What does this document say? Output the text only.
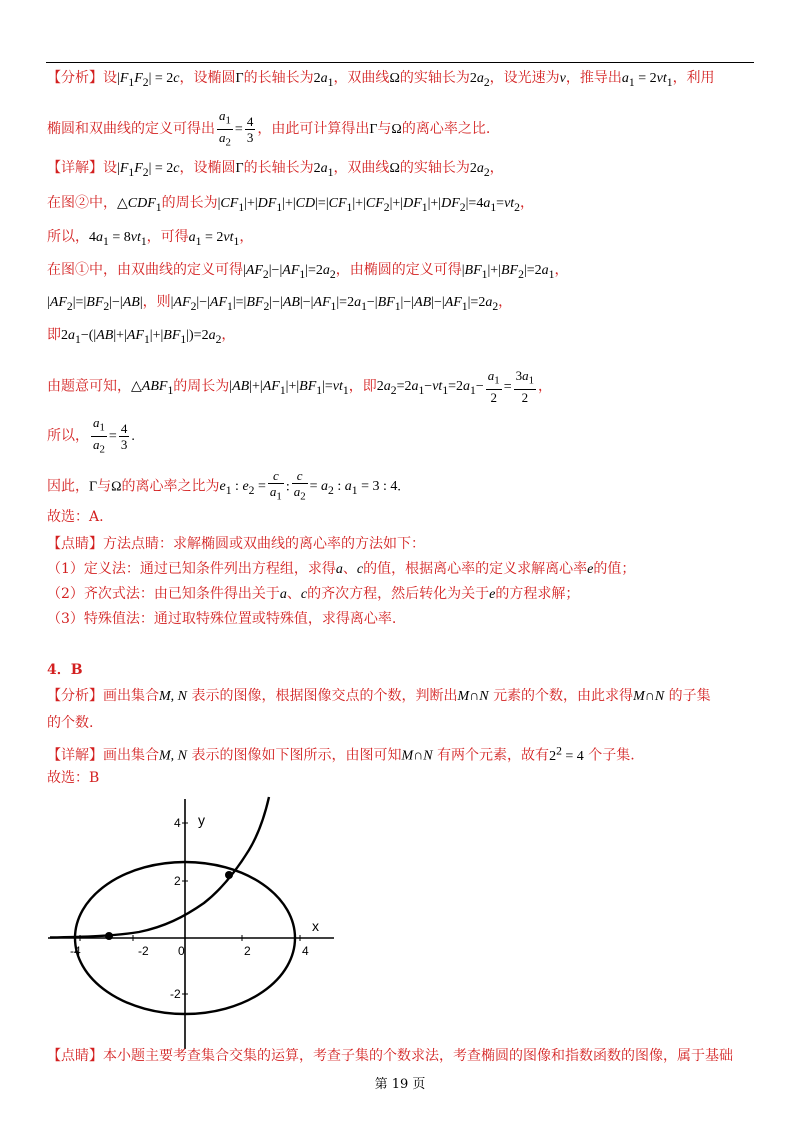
【分析】设$|F_1F_2| = 2c$，设椭圆Γ的长轴长为$2a_1$，双曲线Ω的实轴长为$2a_2$，设光速为v，推导出$a_1 = 2vt_1$，利用
椭圆和双曲线的定义可得出 $\frac{a_1}{a_2} = \frac{4}{3}$ ，由此可计算得出Γ与Ω的离心率之比.
【详解】设$|F_1F_2| = 2c$，设椭圆Γ的长轴长为$2a_1$，双曲线Ω的实轴长为$2a_2$，
在图②中，$\triangle CDF_1$的周长为$|CF_1|+|DF_1|+|CD|=|CF_1|+|CF_2|+|DF_1|+|DF_2|=4a_1=vt_2$，
所以，$4a_1 = 8vt_1$，可得$a_1 = 2vt_1$，
在图①中，由双曲线的定义可得$|AF_2|-|AF_1|=2a_2$，由椭圆的定义可得$|BF_1|+|BF_2|=2a_1$，
$|AF_2|=|BF_2|-|AB|$，则$|AF_2|-|AF_1|=|BF_2|-|AB|-|AF_1|=2a_1-|BF_1|-|AB|-|AF_1|=2a_2$，
即$2a_1-(|AB|+|AF_1|+|BF_1|)=2a_2$，
由题意可知，$\triangle ABF_1$的周长为$|AB|+|AF_1|+|BF_1|=vt_1$，即$2a_2=2a_1-vt_1=2a_1- \frac{a_1}{2} = \frac{3a_1}{2}$ ，
所以， $\frac{a_1}{a_2} = \frac{4}{3}$ .
因此，Γ与Ω的离心率之比为$e_1$ : $e_2 = \frac{c}{a_1}$ : $\frac{c}{a_2} = a_2$ : $a_1 = 3$ : 4.
故选：A.
【点睛】方法点睛：求解椭圆或双曲线的离心率的方法如下：
（1）定义法：通过已知条件列出方程组，求得a、c的值，根据离心率的定义求解离心率e的值；
（2）齐次式法：由已知条件得出关于a、c的齐次方程，然后转化为关于e的方程求解；
（3）特殊值法：通过取特殊位置或特殊值，求得离心率.
4．B
【分析】画出集合M, N 表示的图像，根据图像交点的个数，判断出M∩N 元素的个数，由此求得M∩N 的子集
的个数.
【详解】画出集合M, N 表示的图像如下图所示，由图可知M∩N 有两个元素，故有$2^2 = 4$ 个子集.
故选：B
-4	-2 0	2	4
4
2
-2
x
y
【点睛】本小题主要考查集合交集的运算，考查子集的个数求法，考查椭圆的图像和指数函数的图像，属于基础
第 19 页
